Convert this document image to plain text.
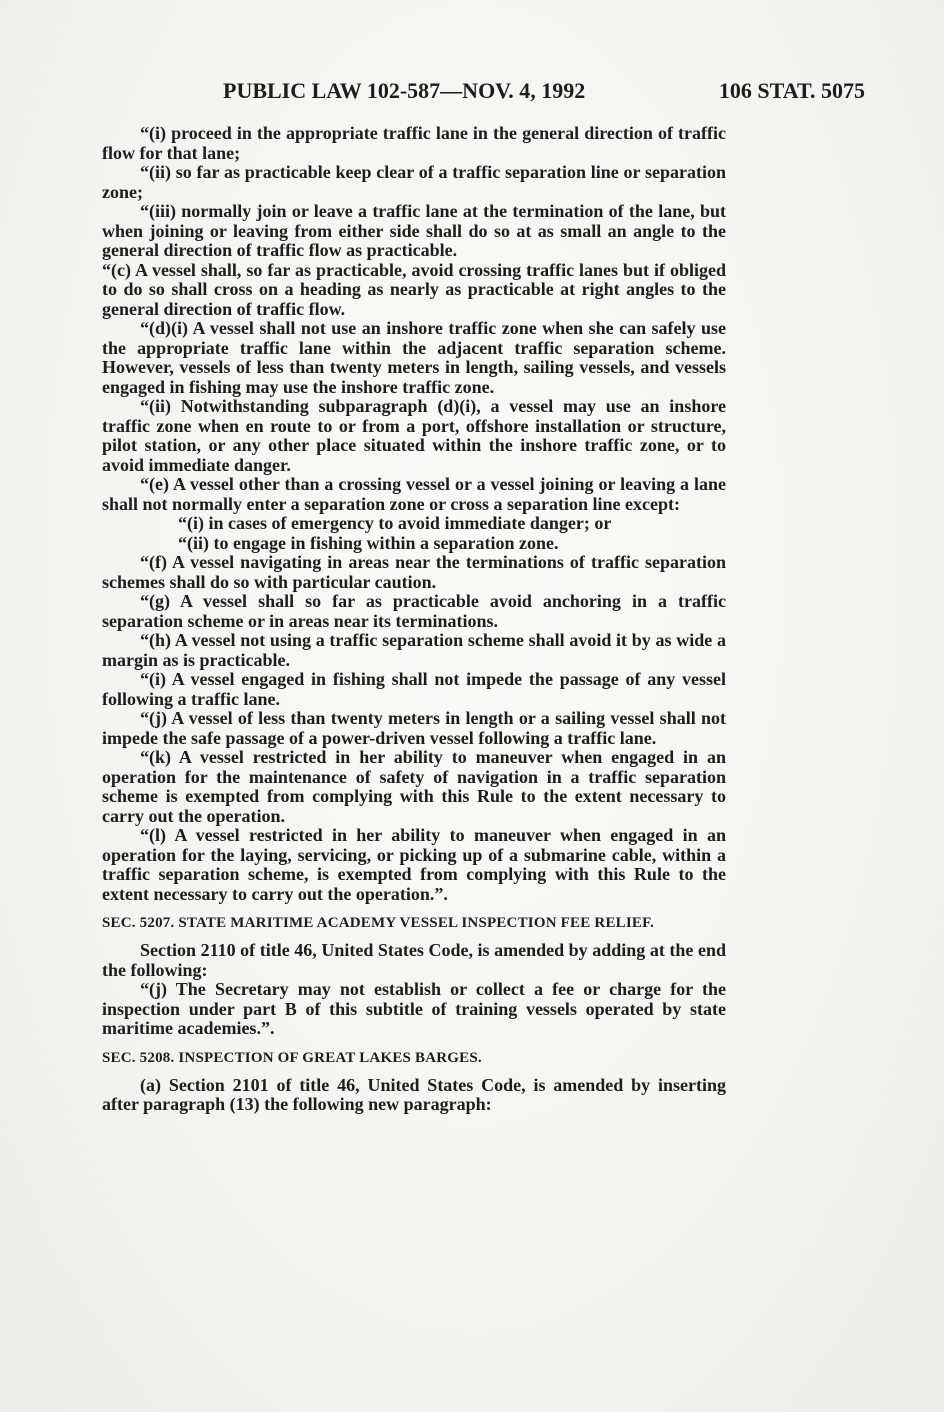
PUBLIC LAW 102-587—NOV. 4, 1992	106 STAT. 5075

“(i) proceed in the appropriate traffic lane in the general direction of traffic flow for that lane;

“(ii) so far as practicable keep clear of a traffic separation line or separation zone;

“(iii) normally join or leave a traffic lane at the termination of the lane, but when joining or leaving from either side shall do so at as small an angle to the general direction of traffic flow as practicable.

“(c) A vessel shall, so far as practicable, avoid crossing traffic lanes but if obliged to do so shall cross on a heading as nearly as practicable at right angles to the general direction of traffic flow.

“(d)(i) A vessel shall not use an inshore traffic zone when she can safely use the appropriate traffic lane within the adjacent traffic separation scheme. However, vessels of less than twenty meters in length, sailing vessels, and vessels engaged in fishing may use the inshore traffic zone.

“(ii) Notwithstanding subparagraph (d)(i), a vessel may use an inshore traffic zone when en route to or from a port, offshore installation or structure, pilot station, or any other place situated within the inshore traffic zone, or to avoid immediate danger.

“(e) A vessel other than a crossing vessel or a vessel joining or leaving a lane shall not normally enter a separation zone or cross a separation line except:

“(i) in cases of emergency to avoid immediate danger; or

“(ii) to engage in fishing within a separation zone.

“(f) A vessel navigating in areas near the terminations of traffic separation schemes shall do so with particular caution.

“(g) A vessel shall so far as practicable avoid anchoring in a traffic separation scheme or in areas near its terminations.

“(h) A vessel not using a traffic separation scheme shall avoid it by as wide a margin as is practicable.

“(i) A vessel engaged in fishing shall not impede the passage of any vessel following a traffic lane.

“(j) A vessel of less than twenty meters in length or a sailing vessel shall not impede the safe passage of a power-driven vessel following a traffic lane.

“(k) A vessel restricted in her ability to maneuver when engaged in an operation for the maintenance of safety of navigation in a traffic separation scheme is exempted from complying with this Rule to the extent necessary to carry out the operation.

“(l) A vessel restricted in her ability to maneuver when engaged in an operation for the laying, servicing, or picking up of a submarine cable, within a traffic separation scheme, is exempted from complying with this Rule to the extent necessary to carry out the operation.”.

SEC. 5207. STATE MARITIME ACADEMY VESSEL INSPECTION FEE RELIEF.

Section 2110 of title 46, United States Code, is amended by adding at the end the following:

“(j) The Secretary may not establish or collect a fee or charge for the inspection under part B of this subtitle of training vessels operated by state maritime academies.”.

SEC. 5208. INSPECTION OF GREAT LAKES BARGES.

(a) Section 2101 of title 46, United States Code, is amended by inserting after paragraph (13) the following new paragraph:
